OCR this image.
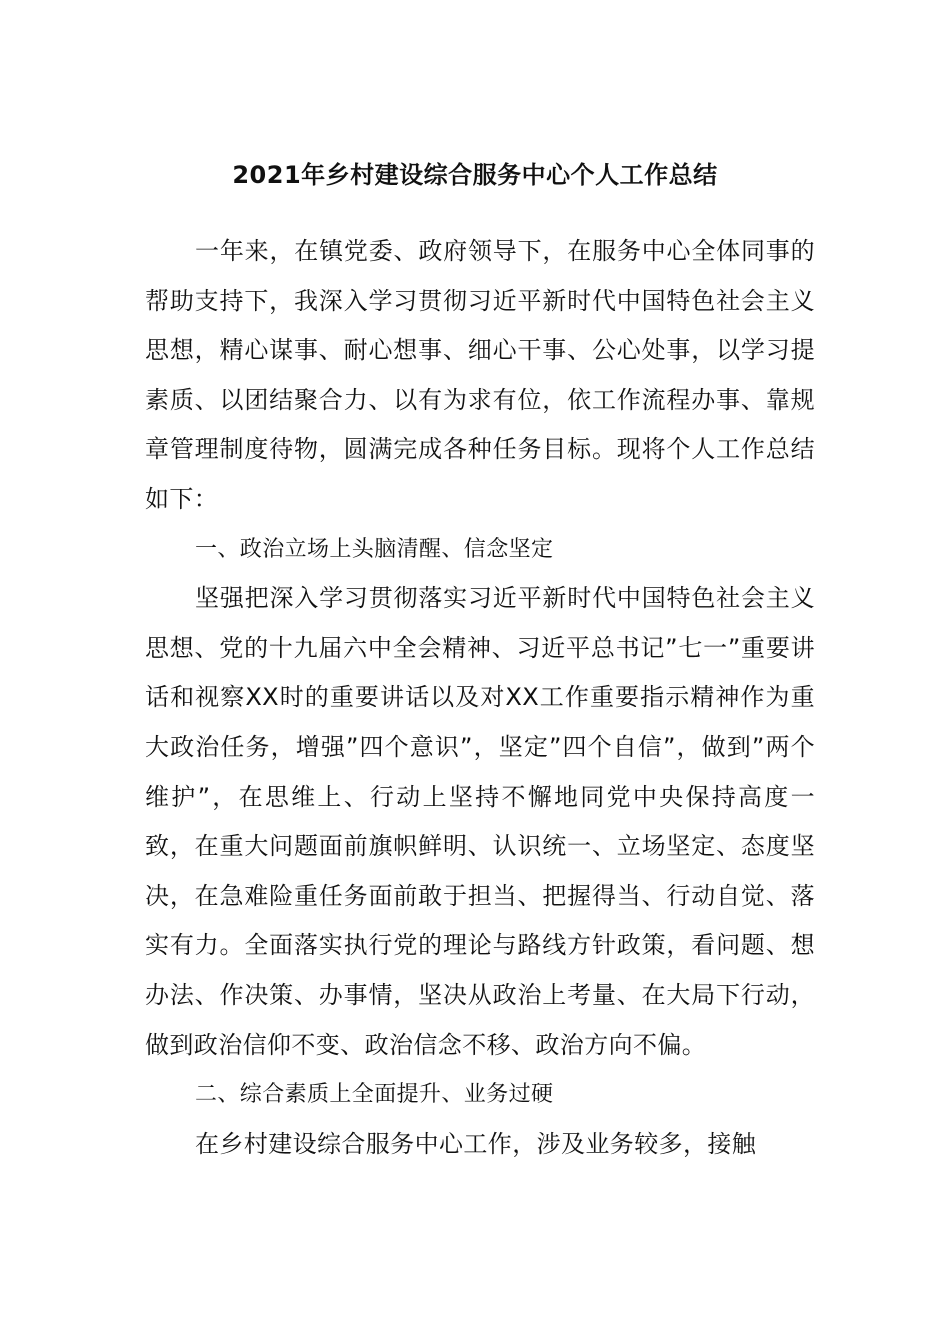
2021年乡村建设综合服务中心个人工作总结

一年来，在镇党委、政府领导下，在服务中心全体同事的帮助支持下，我深入学习贯彻习近平新时代中国特色社会主义思想，精心谋事、耐心想事、细心干事、公心处事，以学习提素质、以团结聚合力、以有为求有位，依工作流程办事、靠规章管理制度待物，圆满完成各种任务目标。现将个人工作总结如下：

一、政治立场上头脑清醒、信念坚定

坚强把深入学习贯彻落实习近平新时代中国特色社会主义思想、党的十九届六中全会精神、习近平总书记”七一”重要讲话和视察XX时的重要讲话以及对XX工作重要指示精神作为重大政治任务，增强”四个意识”，坚定”四个自信”，做到”两个维护”，在思维上、行动上坚持不懈地同党中央保持高度一致，在重大问题面前旗帜鲜明、认识统一、立场坚定、态度坚决，在急难险重任务面前敢于担当、把握得当、行动自觉、落实有力。全面落实执行党的理论与路线方针政策，看问题、想办法、作决策、办事情，坚决从政治上考量、在大局下行动，做到政治信仰不变、政治信念不移、政治方向不偏。

二、综合素质上全面提升、业务过硬

在乡村建设综合服务中心工作，涉及业务较多，接触
